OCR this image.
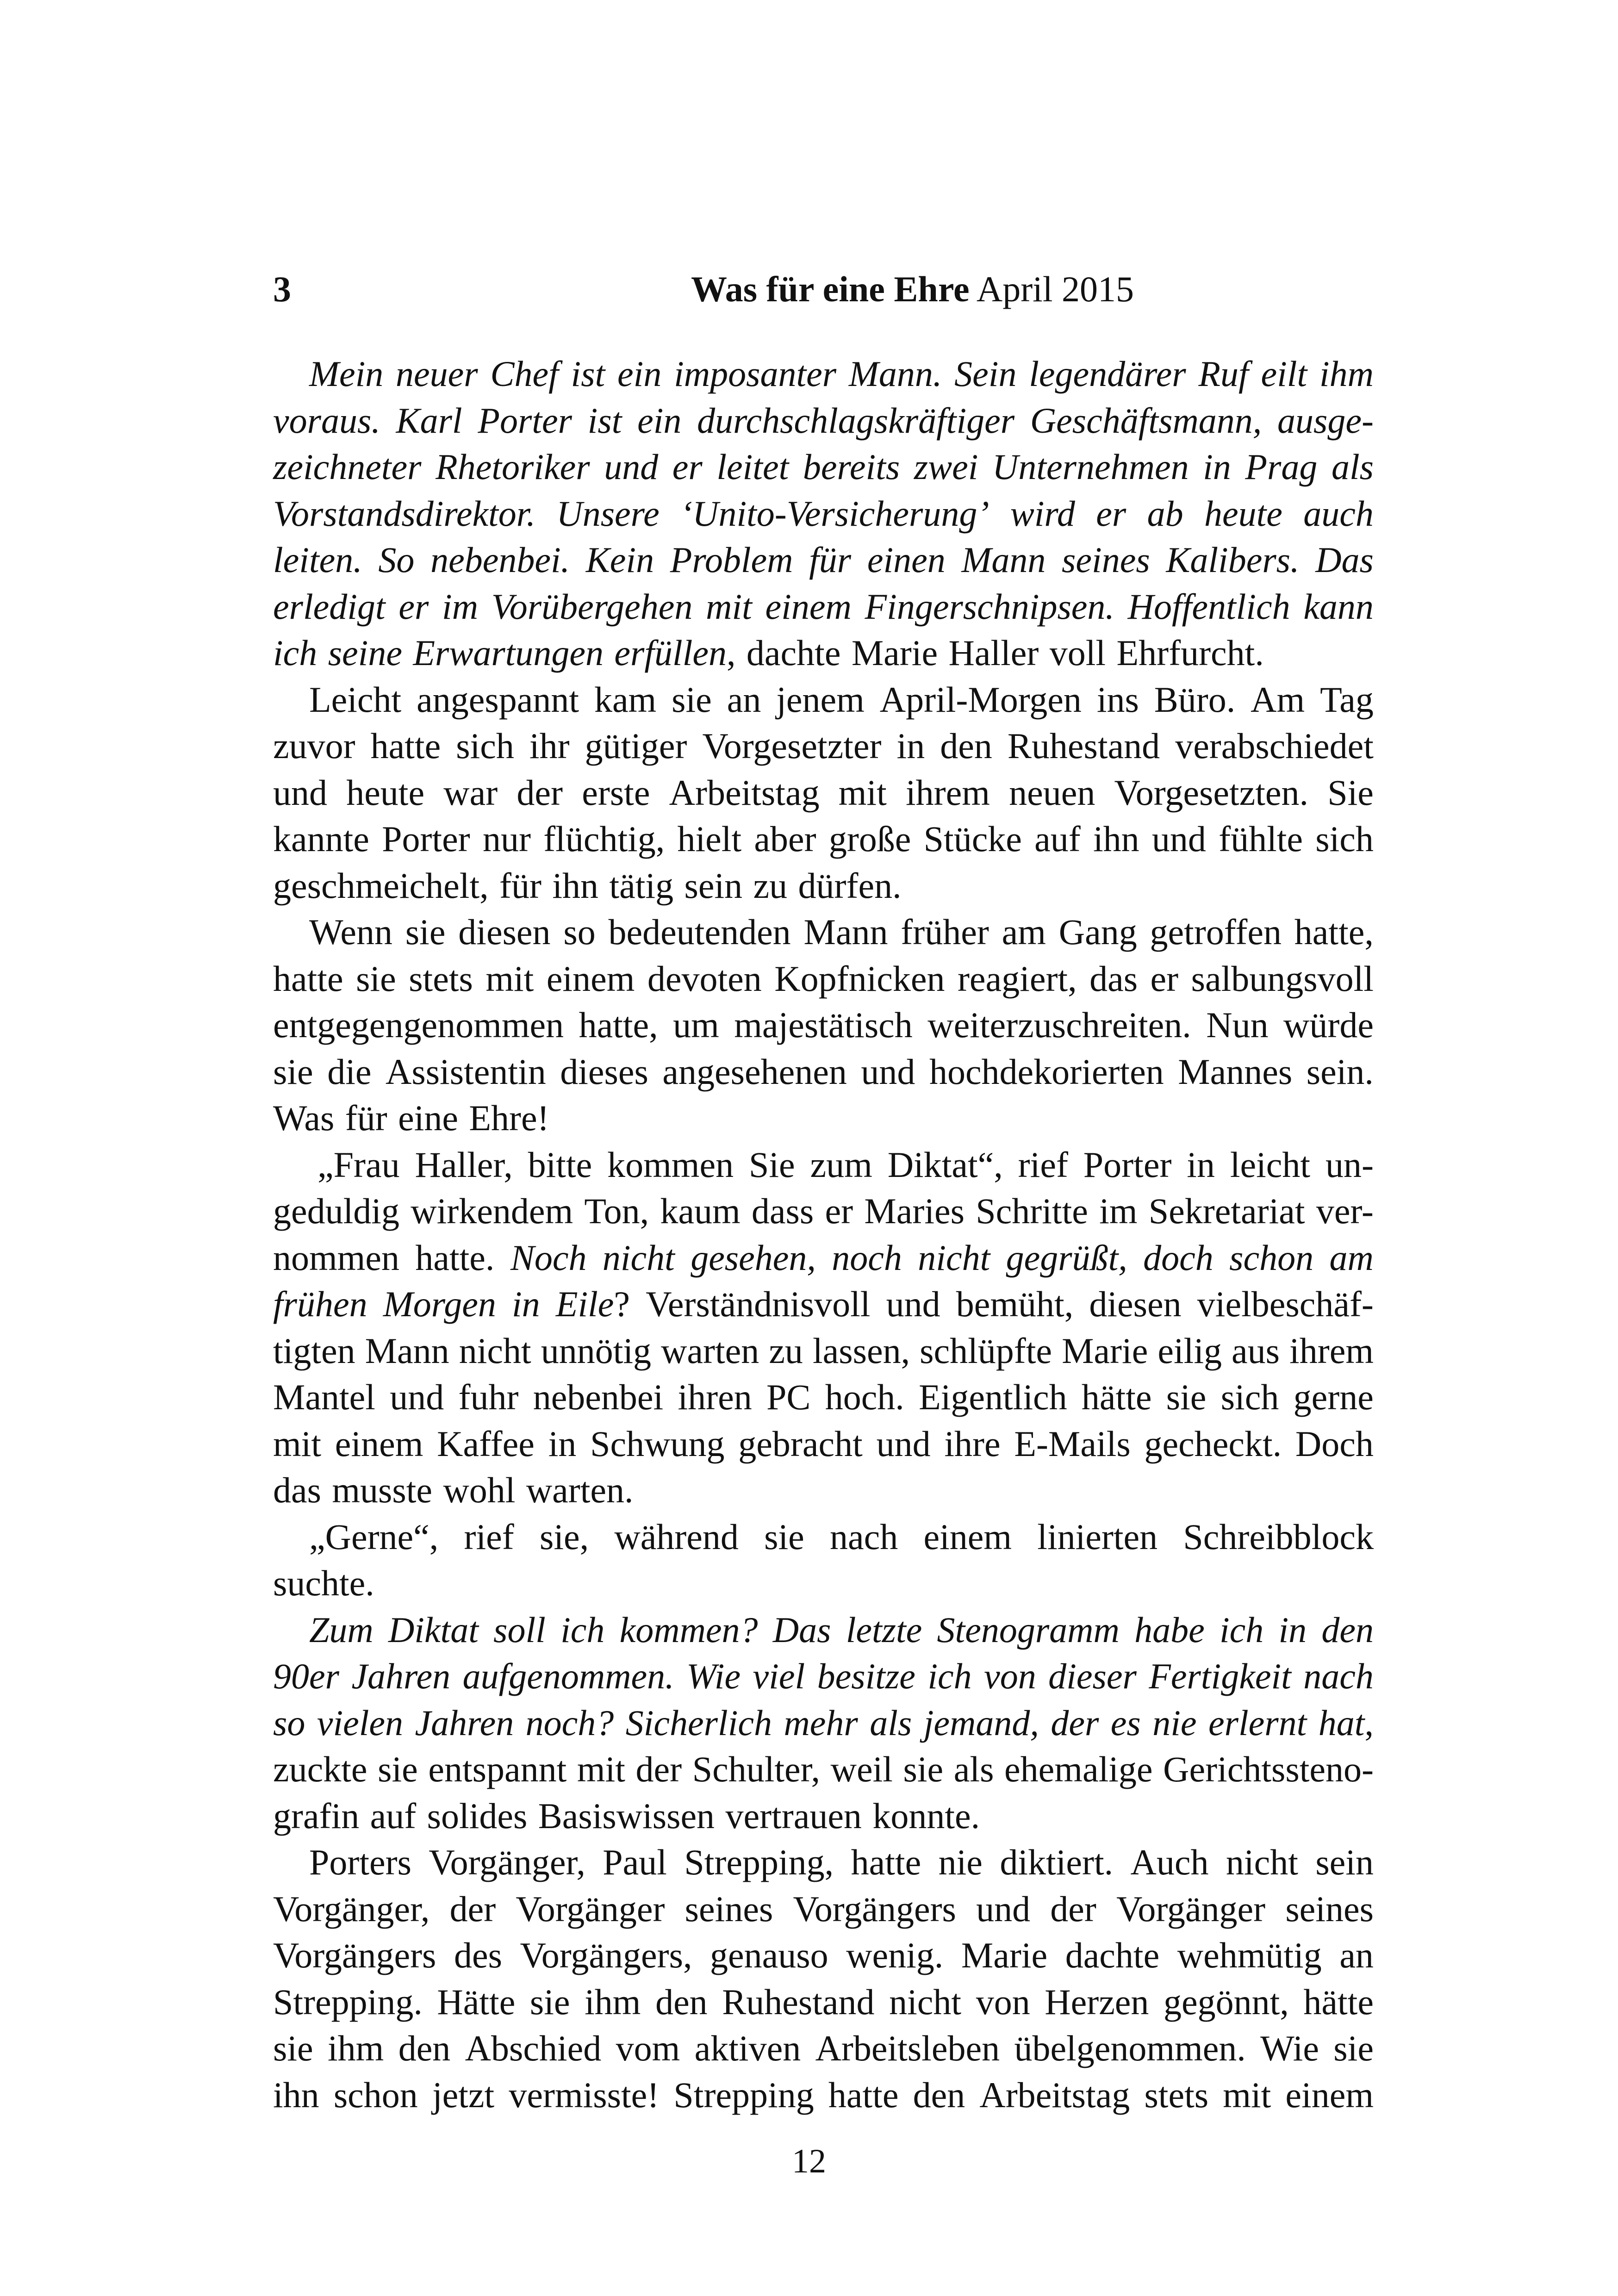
3	Was für eine Ehre April 2015
Mein neuer Chef ist ein imposanter Mann. Sein legendärer Ruf eilt ihm
voraus. Karl Porter ist ein durchschlagskräftiger Geschäftsmann, ausge-
zeichneter Rhetoriker und er leitet bereits zwei Unternehmen in Prag als
Vorstandsdirektor. Unsere ‘Unito-Versicherung’ wird er ab heute auch
leiten. So nebenbei. Kein Problem für einen Mann seines Kalibers. Das
erledigt er im Vorübergehen mit einem Fingerschnipsen. Hoffentlich kann
ich seine Erwartungen erfüllen, dachte Marie Haller voll Ehrfurcht.
Leicht angespannt kam sie an jenem April-Morgen ins Büro. Am Tag
zuvor hatte sich ihr gütiger Vorgesetzter in den Ruhestand verabschiedet
und heute war der erste Arbeitstag mit ihrem neuen Vorgesetzten. Sie
kannte Porter nur flüchtig, hielt aber große Stücke auf ihn und fühlte sich
geschmeichelt, für ihn tätig sein zu dürfen.
Wenn sie diesen so bedeutenden Mann früher am Gang getroffen hatte,
hatte sie stets mit einem devoten Kopfnicken reagiert, das er salbungsvoll
entgegengenommen hatte, um majestätisch weiterzuschreiten. Nun würde
sie die Assistentin dieses angesehenen und hochdekorierten Mannes sein.
Was für eine Ehre!
„Frau Haller, bitte kommen Sie zum Diktat“, rief Porter in leicht un-
geduldig wirkendem Ton, kaum dass er Maries Schritte im Sekretariat ver-
nommen hatte. Noch nicht gesehen, noch nicht gegrüßt, doch schon am
frühen Morgen in Eile? Verständnisvoll und bemüht, diesen vielbeschäf-
tigten Mann nicht unnötig warten zu lassen, schlüpfte Marie eilig aus ihrem
Mantel und fuhr nebenbei ihren PC hoch. Eigentlich hätte sie sich gerne
mit einem Kaffee in Schwung gebracht und ihre E-Mails gecheckt. Doch
das musste wohl warten.
„Gerne“, rief sie, während sie nach einem linierten Schreibblock
suchte.
Zum Diktat soll ich kommen? Das letzte Stenogramm habe ich in den
90er Jahren aufgenommen. Wie viel besitze ich von dieser Fertigkeit nach
so vielen Jahren noch? Sicherlich mehr als jemand, der es nie erlernt hat,
zuckte sie entspannt mit der Schulter, weil sie als ehemalige Gerichtssteno-
grafin auf solides Basiswissen vertrauen konnte.
Porters Vorgänger, Paul Strepping, hatte nie diktiert. Auch nicht sein
Vorgänger, der Vorgänger seines Vorgängers und der Vorgänger seines
Vorgängers des Vorgängers, genauso wenig. Marie dachte wehmütig an
Strepping. Hätte sie ihm den Ruhestand nicht von Herzen gegönnt, hätte
sie ihm den Abschied vom aktiven Arbeitsleben übelgenommen. Wie sie
ihn schon jetzt vermisste! Strepping hatte den Arbeitstag stets mit einem
12
